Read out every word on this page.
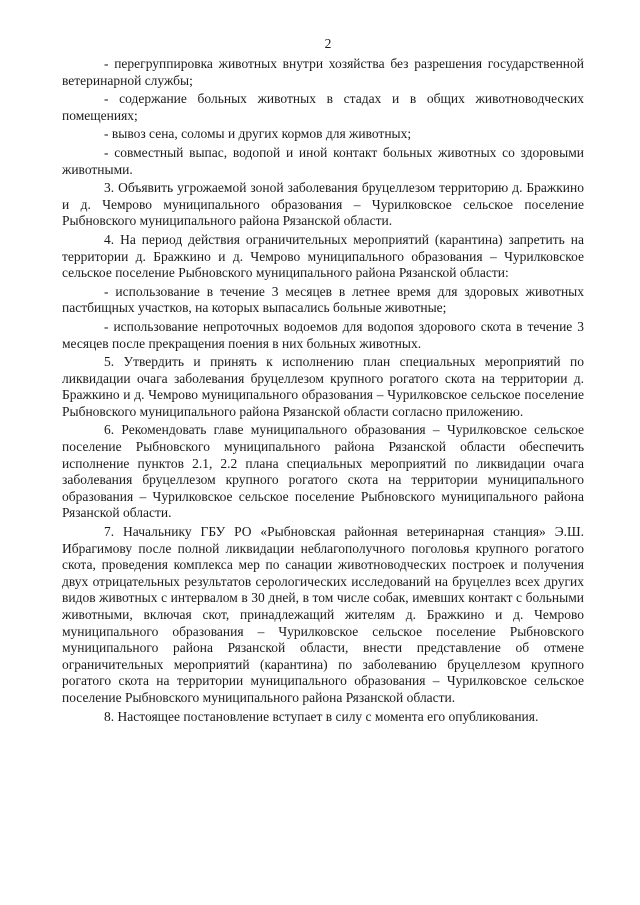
2

- перегруппировка животных внутри хозяйства без разрешения государственной ветеринарной службы;

- содержание больных животных в стадах и в общих животноводческих помещениях;

- вывоз сена, соломы и других кормов для животных;

- совместный выпас, водопой и иной контакт больных животных со здоровыми животными.

3. Объявить угрожаемой зоной заболевания бруцеллезом территорию д. Бражкино и д. Чемрово муниципального образования – Чурилковское сельское поселение Рыбновского муниципального района Рязанской области.

4. На период действия ограничительных мероприятий (карантина) запретить на территории д. Бражкино и д. Чемрово муниципального образования – Чурилковское сельское поселение Рыбновского муниципального района Рязанской области:

- использование в течение 3 месяцев в летнее время для здоровых животных пастбищных участков, на которых выпасались больные животные;

- использование непроточных водоемов для водопоя здорового скота в течение 3 месяцев после прекращения поения в них больных животных.

5. Утвердить и принять к исполнению план специальных мероприятий по ликвидации очага заболевания бруцеллезом крупного рогатого скота на территории д. Бражкино и д. Чемрово муниципального образования – Чурилковское сельское поселение Рыбновского муниципального района Рязанской области согласно приложению.

6. Рекомендовать главе муниципального образования – Чурилковское сельское поселение Рыбновского муниципального района Рязанской области обеспечить исполнение пунктов 2.1, 2.2 плана специальных мероприятий по ликвидации очага заболевания бруцеллезом крупного рогатого скота на территории муниципального образования – Чурилковское сельское поселение Рыбновского муниципального района Рязанской области.

7. Начальнику ГБУ РО «Рыбновская районная ветеринарная станция» Э.Ш. Ибрагимову после полной ликвидации неблагополучного поголовья крупного рогатого скота, проведения комплекса мер по санации животноводческих построек и получения двух отрицательных результатов серологических исследований на бруцеллез всех других видов животных с интервалом в 30 дней, в том числе собак, имевших контакт с больными животными, включая скот, принадлежащий жителям д. Бражкино и д. Чемрово муниципального образования – Чурилковское сельское поселение Рыбновского муниципального района Рязанской области, внести представление об отмене ограничительных мероприятий (карантина) по заболеванию бруцеллезом крупного рогатого скота на территории муниципального образования – Чурилковское сельское поселение Рыбновского муниципального района Рязанской области.

8. Настоящее постановление вступает в силу с момента его опубликования.
